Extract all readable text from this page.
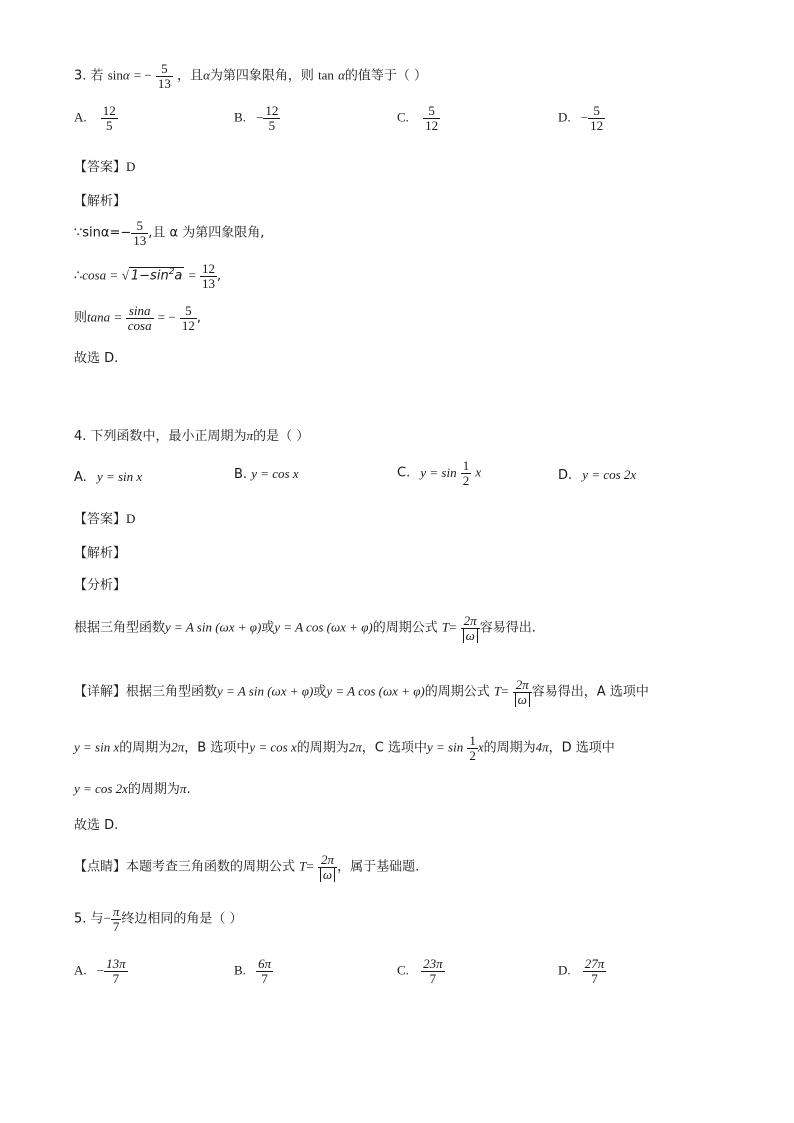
3. 若 sinα = − $\frac{5}{13}$ ，且α为第四象限角，则 tan α的值等于（ ）
A. $\frac{12}{5}$	B. − $\frac{12}{5}$	C. $\frac{5}{12}$	D. − $\frac{5}{12}$
【答案】D
【解析】
∵sinα=− $\frac{5}{13}$ ,且 α 为第四象限角,
∴cosa = √ $1-\sin^2a = \frac{12}{13}$ ,
则$\tan a = \frac{\sin a}{\cos a}$ = − $\frac{5}{12}$ ,
故选 D.
4. 下列函数中，最小正周期为π的是（ ）
A. y = sin x	B. y = cos x	C. $y = \sin \frac{1}{2}$ x	D. y = cos 2x
【答案】D
【解析】
【分析】
根据三角型函数y = A sin (ωx + φ)或y = A cos (ωx + φ)的周期公式 $T= \frac{2\pi}{\omega}$ 容易得出.
【详解】根据三角型函数y = A sin (ωx + φ)或y = A cos (ωx + φ)的周期公式 $T= \frac{2\pi}{\omega}$ 容易得出，A 选项中
y = sin x的周期为2π，B 选项中y = cos x的周期为2π，C 选项中$y = \sin \frac{1}{2}$ x的周期为4π，D 选项中
y = cos 2x的周期为π.
故选 D.
【点睛】本题考查三角函数的周期公式 $T= \frac{2\pi}{\omega}$ ，属于基础题.
5. 与− $\frac{\pi}{7}$ 终边相同的角是（ ）
A. − $\frac{13\pi}{7}$	B. $\frac{6\pi}{7}$	C. $\frac{23\pi}{7}$	D. $\frac{27\pi}{7}$
